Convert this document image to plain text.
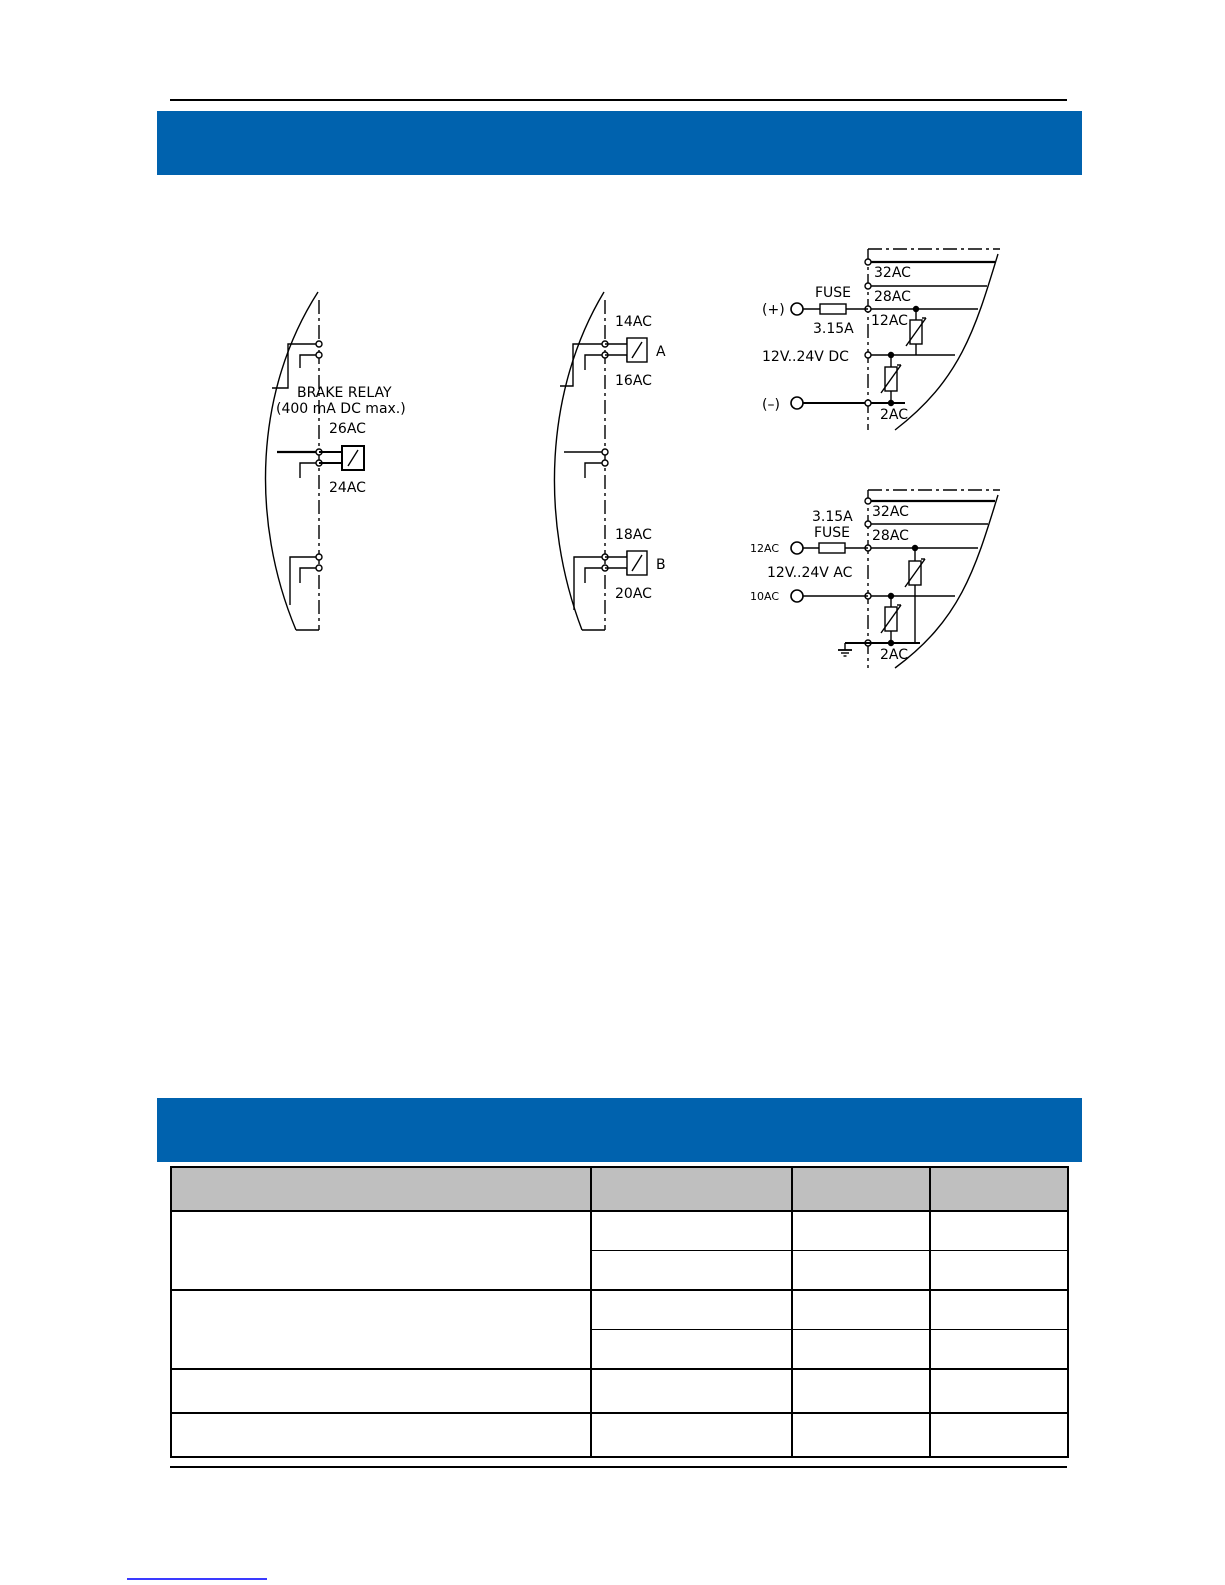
BRAKE RELAY
(400 mA DC max.)
26AC
24AC
14AC
A
16AC
18AC
B
20AC
32AC
28AC
12AC
2AC
FUSE
3.15A
(+)
(–)
12V..24V DC
32AC
28AC
2AC
3.15A
FUSE
12AC
10AC
12V..24V AC
